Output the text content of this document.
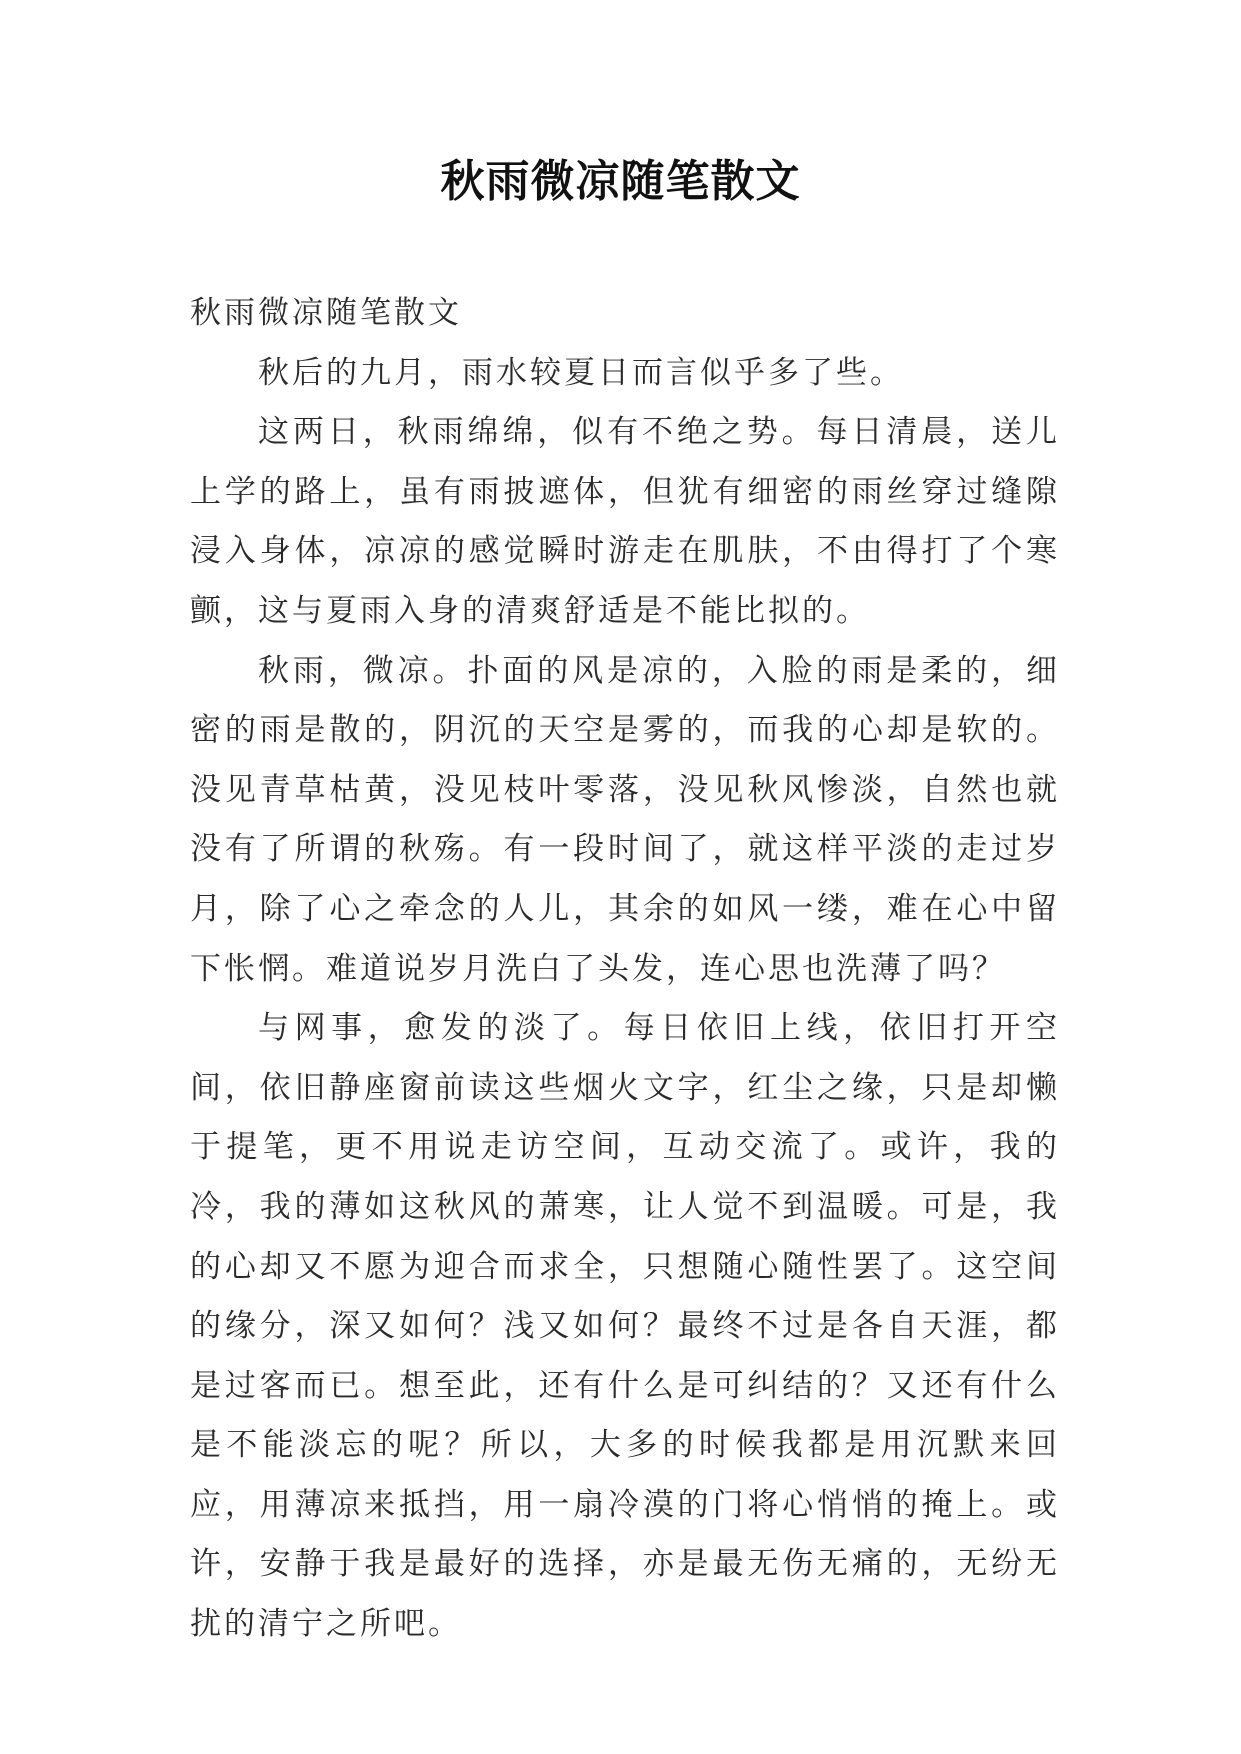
秋雨微凉随笔散文

秋雨微凉随笔散文

秋后的九月，雨水较夏日而言似乎多了些。

这两日，秋雨绵绵，似有不绝之势。每日清晨，送儿上学的路上，虽有雨披遮体，但犹有细密的雨丝穿过缝隙浸入身体，凉凉的感觉瞬时游走在肌肤，不由得打了个寒颤，这与夏雨入身的清爽舒适是不能比拟的。

秋雨，微凉。扑面的风是凉的，入脸的雨是柔的，细密的雨是散的，阴沉的天空是雾的，而我的心却是软的。没见青草枯黄，没见枝叶零落，没见秋风惨淡，自然也就没有了所谓的秋殇。有一段时间了，就这样平淡的走过岁月，除了心之牵念的人儿，其余的如风一缕，难在心中留下怅惘。难道说岁月洗白了头发，连心思也洗薄了吗？

与网事，愈发的淡了。每日依旧上线，依旧打开空间，依旧静座窗前读这些烟火文字，红尘之缘，只是却懒于提笔，更不用说走访空间，互动交流了。或许，我的冷，我的薄如这秋风的萧寒，让人觉不到温暖。可是，我的心却又不愿为迎合而求全，只想随心随性罢了。这空间的缘分，深又如何？浅又如何？最终不过是各自天涯，都是过客而已。想至此，还有什么是可纠结的？又还有什么是不能淡忘的呢？所以，大多的时候我都是用沉默来回应，用薄凉来抵挡，用一扇冷漠的门将心悄悄的掩上。或许，安静于我是最好的选择，亦是最无伤无痛的，无纷无扰的清宁之所吧。
